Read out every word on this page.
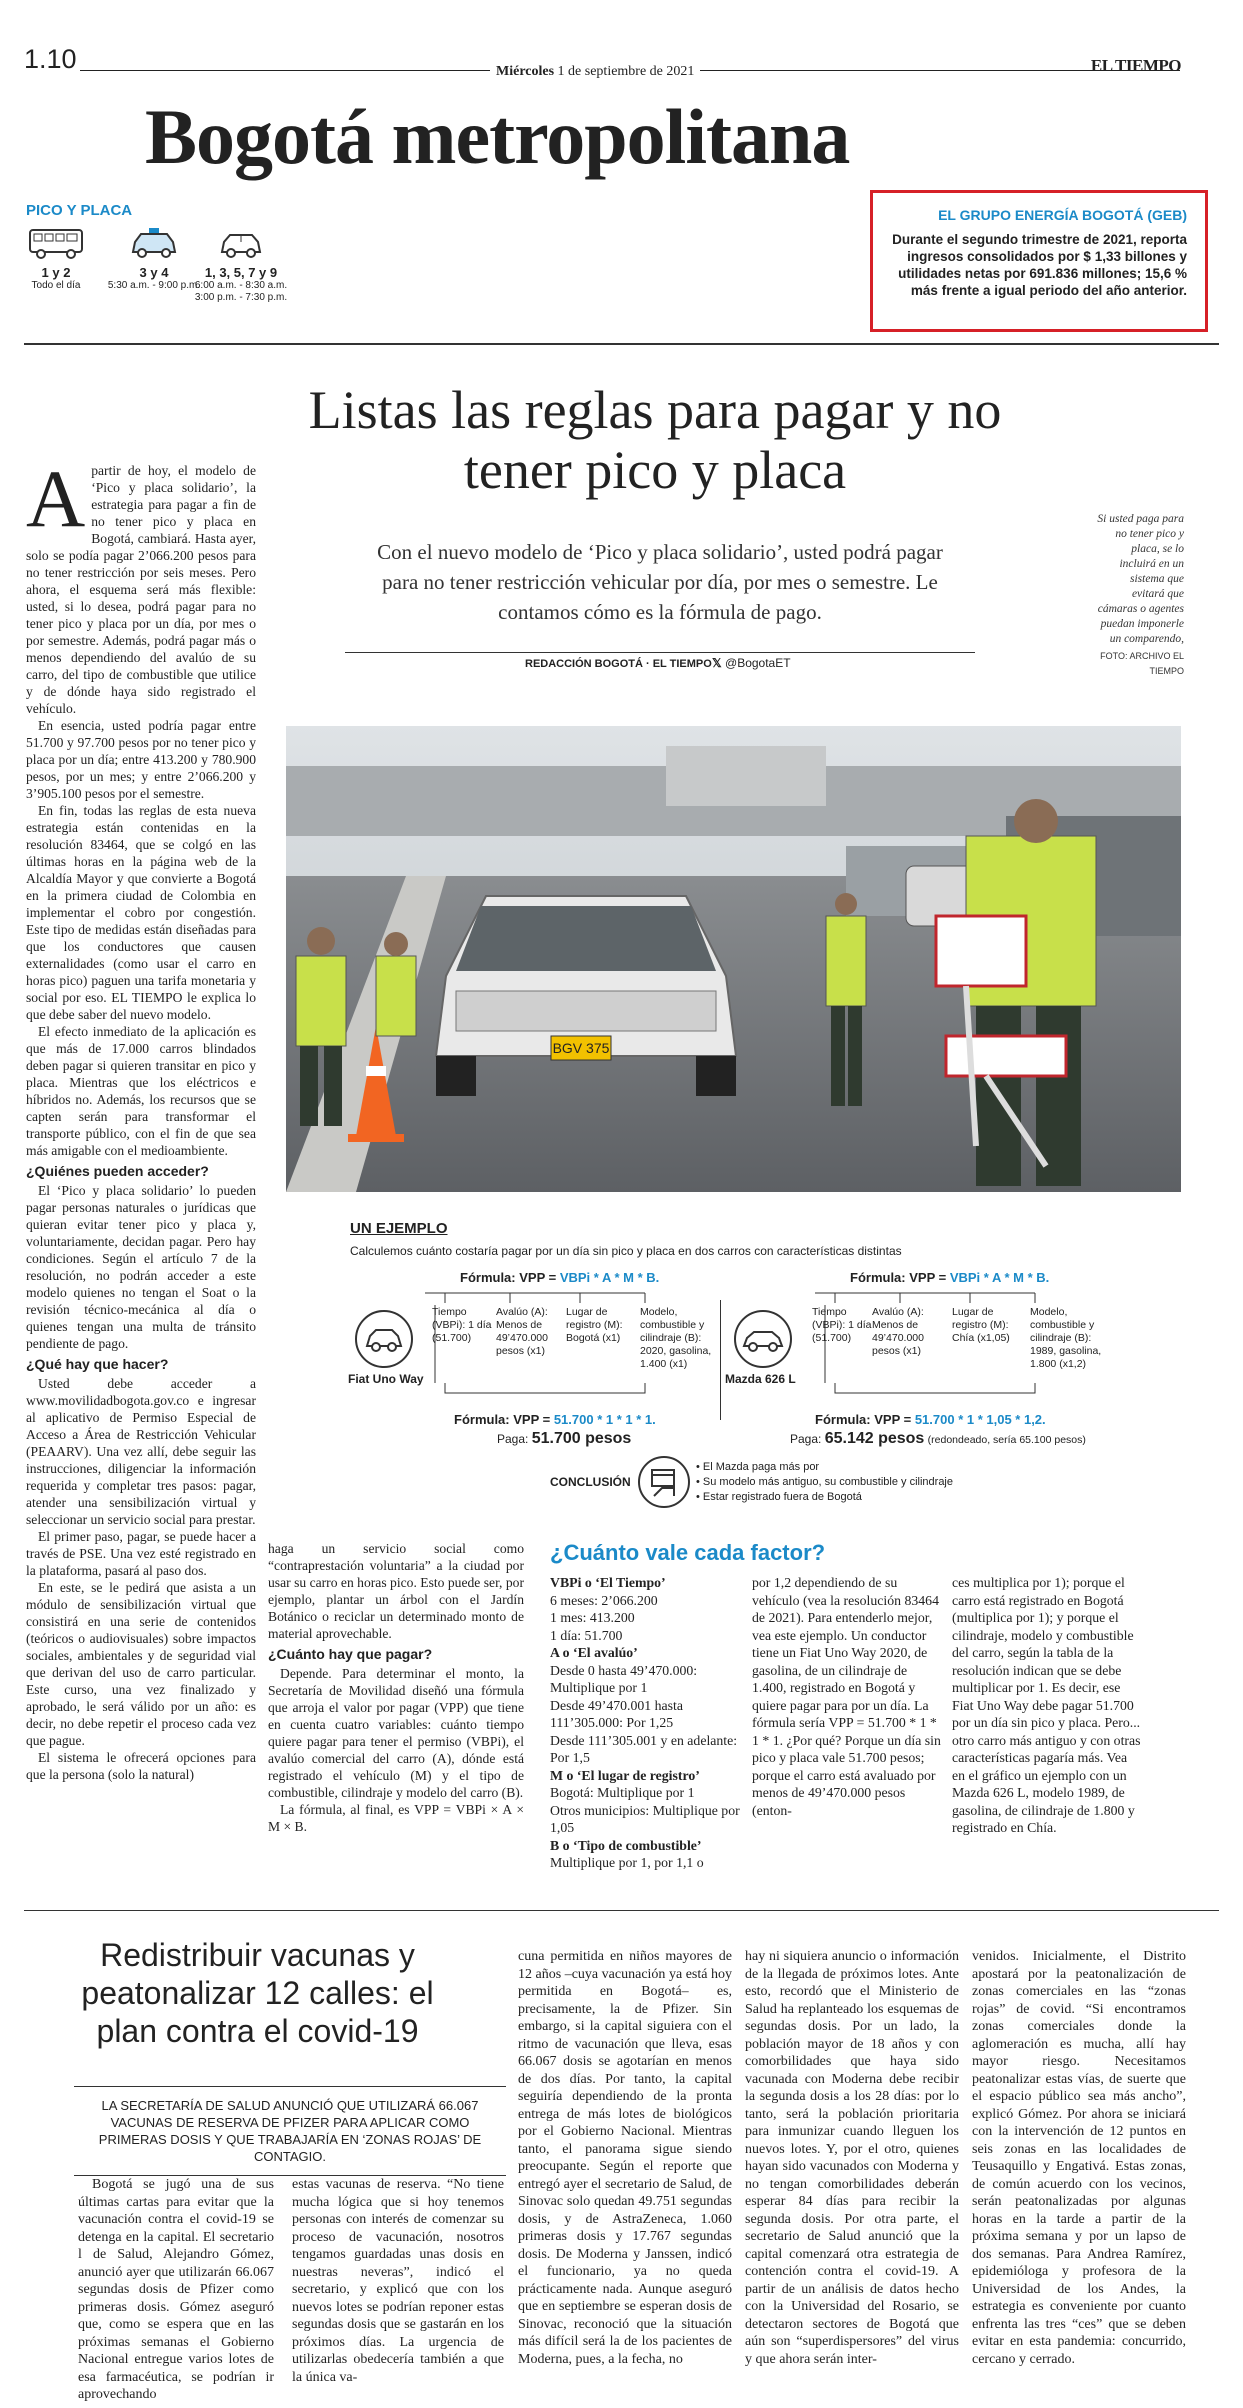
1.10	Miércoles 1 de septiembre de 2021	EL TIEMPO
Bogotá metropolitana
PICO Y PLACA
1 y 2
Todo el día
3 y 4
5:30 a.m. - 9:00 p.m.
1, 3, 5, 7 y 9
6:00 a.m. - 8:30 a.m.
3:00 p.m. - 7:30 p.m.
EL GRUPO ENERGÍA BOGOTÁ (GEB)
Durante el segundo trimestre de 2021, reporta ingresos consolidados por $ 1,33 billones y utilidades netas por 691.836 millones; 15,6 % más frente a igual periodo del año anterior.
Listas las reglas para pagar y no tener pico y placa
Con el nuevo modelo de ‘Pico y placa solidario’, usted podrá pagar para no tener restricción vehicular por día, por mes o semestre. Le contamos cómo es la fórmula de pago.
REDACCIÓN BOGOTÁ · EL TIEMPO 𝕏 @BogotaET
Si usted paga para no tener pico y placa, se lo incluirá en un sistema que evitará que cámaras o agentes puedan imponerle un comparendo,
FOTO: ARCHIVO EL TIEMPO
A partir de hoy, el modelo de ‘Pico y placa solidario’, la estrategia para pagar a fin de no tener pico y placa en Bogotá, cambiará. Hasta ayer, solo se podía pagar 2’066.200 pesos para no tener restricción por seis meses. Pero ahora, el esquema será más flexible: usted, si lo desea, podrá pagar para no tener pico y placa por un día, por mes o por semestre. Además, podrá pagar más o menos dependiendo del avalúo de su carro, del tipo de combustible que utilice y de dónde haya sido registrado el vehículo.

En esencia, usted podría pagar entre 51.700 y 97.700 pesos por no tener pico y placa por un día; entre 413.200 y 780.900 pesos, por un mes; y entre 2’066.200 y 3’905.100 pesos por el semestre.

En fin, todas las reglas de esta nueva estrategia están contenidas en la resolución 83464, que se colgó en las últimas horas en la página web de la Alcaldía Mayor y que convierte a Bogotá en la primera ciudad de Colombia en implementar el cobro por congestión. Este tipo de medidas están diseñadas para que los conductores que causen externalidades (como usar el carro en horas pico) paguen una tarifa monetaria y social por eso. EL TIEMPO le explica lo que debe saber del nuevo modelo.

El efecto inmediato de la aplicación es que más de 17.000 carros blindados deben pagar si quieren transitar en pico y placa. Mientras que los eléctricos e híbridos no. Además, los recursos que se capten serán para transformar el transporte público, con el fin de que sea más amigable con el medioambiente.

¿Quiénes pueden acceder?

El ‘Pico y placa solidario’ lo pueden pagar personas naturales o jurídicas que quieran evitar tener pico y placa y, voluntariamente, decidan pagar. Pero hay condiciones. Según el artículo 7 de la resolución, no podrán acceder a este modelo quienes no tengan el Soat o la revisión técnico-mecánica al día o quienes tengan una multa de tránsito pendiente de pago.

¿Qué hay que hacer?

Usted debe acceder a www.movilidadbogota.gov.co e ingresar al aplicativo de Permiso Especial de Acceso a Área de Restricción Vehicular (PEAARV). Una vez allí, debe seguir las instrucciones, diligenciar la información requerida y completar tres pasos: pagar, atender una sensibilización virtual y seleccionar un servicio social para prestar.

El primer paso, pagar, se puede hacer a través de PSE. Una vez esté registrado en la plataforma, pasará al paso dos.

En este, se le pedirá que asista a un módulo de sensibilización virtual que consistirá en una serie de contenidos (teóricos o audiovisuales) sobre impactos sociales, ambientales y de seguridad vial que derivan del uso de carro particular. Este curso, una vez finalizado y aprobado, le será válido por un año: es decir, no debe repetir el proceso cada vez que pague.

El sistema le ofrecerá opciones para que la persona (solo la natural)

haga un servicio social como “contraprestación voluntaria” a la ciudad por usar su carro en horas pico. Esto puede ser, por ejemplo, plantar un árbol con el Jardín Botánico o reciclar un determinado monto de material aprovechable.

¿Cuánto hay que pagar?

Depende. Para determinar el monto, la Secretaría de Movilidad diseñó una fórmula que arroja el valor por pagar (VPP) que tiene en cuenta cuatro variables: cuánto tiempo quiere pagar para tener el permiso (VBPi), el avalúo comercial del carro (A), dónde está registrado el vehículo (M) y el tipo de combustible, cilindraje y modelo del carro (B).

La fórmula, al final, es VPP = VBPi × A × M × B.

BGV 375
UN EJEMPLO
Calculemos cuánto costaría pagar por un día sin pico y placa en dos carros con características distintas
Fórmula: VPP = VBPi * A * M * B.
Fiat Uno Way
Tiempo (VBPi): 1 día (51.700)
Avalúo (A): Menos de 49’470.000 pesos (x1)
Lugar de registro (M): Bogotá (x1)
Modelo, combustible y cilindraje (B): 2020, gasolina, 1.400 (x1)
Fórmula: VPP = 51.700 * 1 * 1 * 1.
Paga: 51.700 pesos
Fórmula: VPP = VBPi * A * M * B.
Mazda 626 L
Tiempo (VBPi): 1 día (51.700)
Avalúo (A): Menos de 49’470.000 pesos (x1)
Lugar de registro (M): Chía (x1,05)
Modelo, combustible y cilindraje (B): 1989, gasolina, 1.800 (x1,2)
Fórmula: VPP = 51.700 * 1 * 1,05 * 1,2.
Paga: 65.142 pesos (redondeado, sería 65.100 pesos)
CONCLUSIÓN
• El Mazda paga más por
• Su modelo más antiguo, su combustible y cilindraje
• Estar registrado fuera de Bogotá
¿Cuánto vale cada factor?
VBPi o ‘El Tiempo’
6 meses: 2’066.200
1 mes: 413.200
1 día: 51.700
A o ‘El avalúo’
Desde 0 hasta 49’470.000: Multiplique por 1
Desde 49’470.001 hasta 111’305.000: Por 1,25
Desde 111’305.001 y en adelante: Por 1,5
M o ‘El lugar de registro’
Bogotá: Multiplique por 1
Otros municipios: Multiplique por 1,05
B o ‘Tipo de combustible’
Multiplique por 1, por 1,1 o
por 1,2 dependiendo de su vehículo (vea la resolución 83464 de 2021). Para entenderlo mejor, vea este ejemplo. Un conductor tiene un Fiat Uno Way 2020, de gasolina, de un cilindraje de 1.400, registrado en Bogotá y quiere pagar para por un día. La fórmula sería VPP = 51.700 * 1 * 1 * 1. ¿Por qué? Porque un día sin pico y placa vale 51.700 pesos; porque el carro está avaluado por menos de 49’470.000 pesos (enton-
ces multiplica por 1); porque el carro está registrado en Bogotá (multiplica por 1); y porque el cilindraje, modelo y combustible del carro, según la tabla de la resolución indican que se debe multiplicar por 1. Es decir, ese Fiat Uno Way debe pagar 51.700 por un día sin pico y placa. Pero... otro carro más antiguo y con otras características pagaría más. Vea en el gráfico un ejemplo con un Mazda 626 L, modelo 1989, de gasolina, de cilindraje de 1.800 y registrado en Chía.
Redistribuir vacunas y peatonalizar 12 calles: el plan contra el covid-19
LA SECRETARÍA DE SALUD ANUNCIÓ QUE UTILIZARÁ 66.067 VACUNAS DE RESERVA DE PFIZER PARA APLICAR COMO PRIMERAS DOSIS Y QUE TRABAJARÍA EN ‘ZONAS ROJAS’ DE CONTAGIO.

Bogotá se jugó una de sus últimas cartas para evitar que la vacunación contra el covid-19 se detenga en la capital. El secretario l de Salud, Alejandro Gómez, anunció ayer que utilizarán 66.067 segundas dosis de Pfizer como primeras dosis. Gómez aseguró que, como se espera que en las próximas semanas el Gobierno Nacional entregue varios lotes de esa farmacéutica, se podrían ir aprovechando

estas vacunas de reserva. “No tiene mucha lógica que si hoy tenemos personas con interés de comenzar su proceso de vacunación, nosotros tengamos guardadas unas dosis en nuestras neveras”, indicó el secretario, y explicó que con los nuevos lotes se podrían reponer estas segundas dosis que se gastarán en los próximos días. La urgencia de utilizarlas obedecería también a que la única va-

cuna permitida en niños mayores de 12 años –cuya vacunación ya está hoy permitida en Bogotá– es, precisamente, la de Pfizer. Sin embargo, si la capital siguiera con el ritmo de vacunación que lleva, esas 66.067 dosis se agotarían en menos de dos días. Por tanto, la capital seguiría dependiendo de la pronta entrega de más lotes de biológicos por el Gobierno Nacional. Mientras tanto, el panorama sigue siendo preocupante. Según el reporte que entregó ayer el secretario de Salud, de Sinovac solo quedan 49.751 segundas dosis, y de AstraZeneca, 1.060 primeras dosis y 17.767 segundas dosis. De Moderna y Janssen, indicó el funcionario, ya no queda prácticamente nada. Aunque aseguró que en septiembre se esperan dosis de Sinovac, reconoció que la situación más difícil será la de los pacientes de Moderna, pues, a la fecha, no

hay ni siquiera anuncio o información de la llegada de próximos lotes. Ante esto, recordó que el Ministerio de Salud ha replanteado los esquemas de segundas dosis. Por un lado, la población mayor de 18 años y con comorbilidades que haya sido vacunada con Moderna debe recibir la segunda dosis a los 28 días: por lo tanto, será la población prioritaria para inmunizar cuando lleguen los nuevos lotes. Y, por el otro, quienes hayan sido vacunados con Moderna y no tengan comorbilidades deberán esperar 84 días para recibir la segunda dosis. Por otra parte, el secretario de Salud anunció que la capital comenzará otra estrategia de contención contra el covid-19. A partir de un análisis de datos hecho con la Universidad del Rosario, se detectaron sectores de Bogotá que aún son “superdispersores” del virus y que ahora serán inter-

venidos. Inicialmente, el Distrito apostará por la peatonalización de zonas comerciales en las “zonas rojas” de covid. “Si encontramos zonas comerciales donde la aglomeración es mucha, allí hay mayor riesgo. Necesitamos peatonalizar estas vías, de suerte que el espacio público sea más ancho”, explicó Gómez. Por ahora se iniciará con la intervención de 12 puntos en seis zonas en las localidades de Teusaquillo y Engativá. Estas zonas, de común acuerdo con los vecinos, serán peatonalizadas por algunas horas en la tarde a partir de la próxima semana y por un lapso de dos semanas. Para Andrea Ramírez, epidemióloga y profesora de la Universidad de los Andes, la estrategia es conveniente por cuanto enfrenta las tres “ces” que se deben evitar en esta pandemia: concurrido, cercano y cerrado.
